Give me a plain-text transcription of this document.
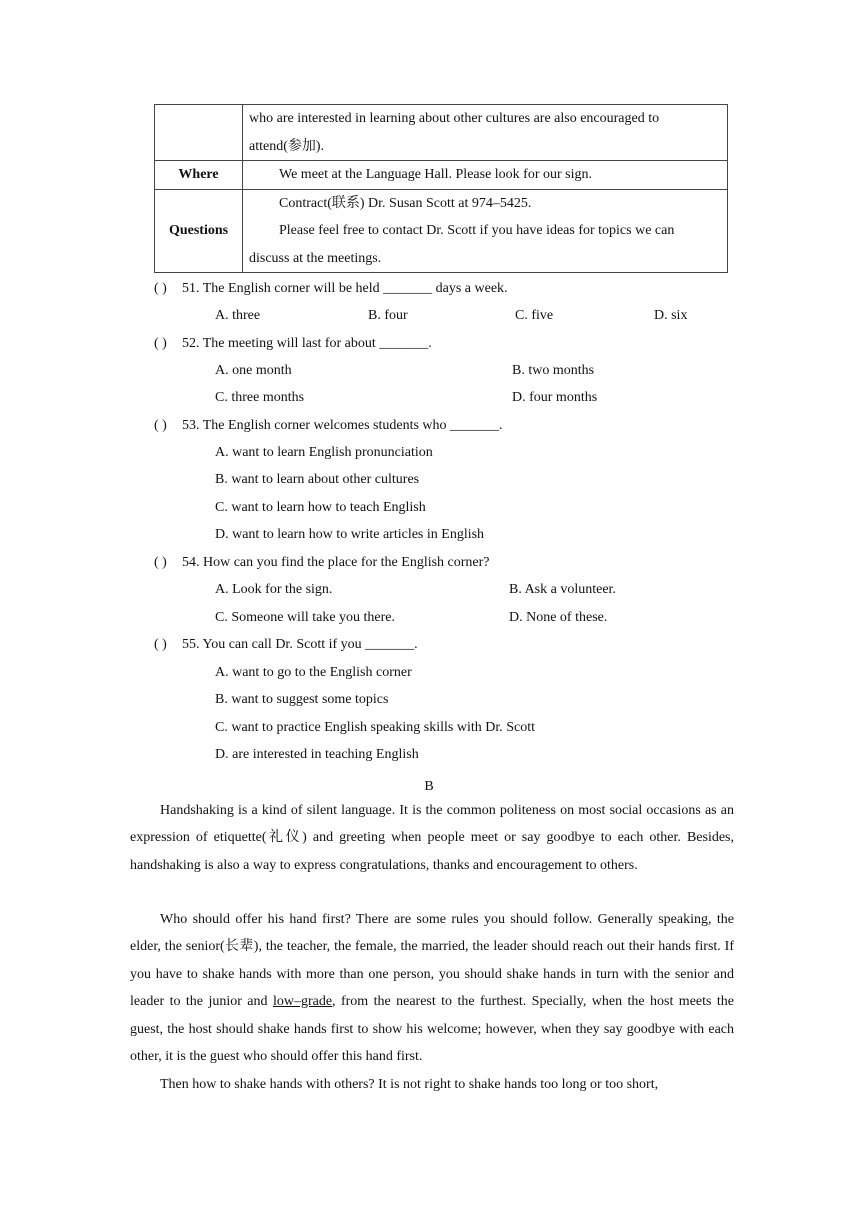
	who are interested in learning about other cultures are also encouraged to
attend(参加).

Where	We meet at the Language Hall. Please look for our sign.
Questions	Contract(联系) Dr. Susan Scott at 974–5425.
Please feel free to contact Dr. Scott if you have ideas for topics we can
discuss at the meetings.
( ) 51. The English corner will be held _______ days a week.
A. three	B. four	C. five	D. six
( ) 52. The meeting will last for about _______.
A. one month	B. two months
C. three months	D. four months
( ) 53. The English corner welcomes students who _______.
A. want to learn English pronunciation
B. want to learn about other cultures
C. want to learn how to teach English
D. want to learn how to write articles in English
( ) 54. How can you find the place for the English corner?
A. Look for the sign.	B. Ask a volunteer.
C. Someone will take you there.	D. None of these.
( ) 55. You can call Dr. Scott if you _______.
A. want to go to the English corner
B. want to suggest some topics
C. want to practice English speaking skills with Dr. Scott
D. are interested in teaching English
B
Handshaking is a kind of silent language. It is the common politeness on most social occasions as an expression of etiquette(礼仪) and greeting when people meet or say goodbye to each other. Besides, handshaking is also a way to express congratulations, thanks and encouragement to others.
Who should offer his hand first? There are some rules you should follow. Generally speaking, the elder, the senior(长辈), the teacher, the female, the married, the leader should reach out their hands first. If you have to shake hands with more than one person, you should shake hands in turn with the senior and leader to the junior and low–grade, from the nearest to the furthest. Specially, when the host meets the guest, the host should shake hands first to show his welcome; however, when they say goodbye with each other, it is the guest who should offer this hand first.
Then how to shake hands with others? It is not right to shake hands too long or too short,
